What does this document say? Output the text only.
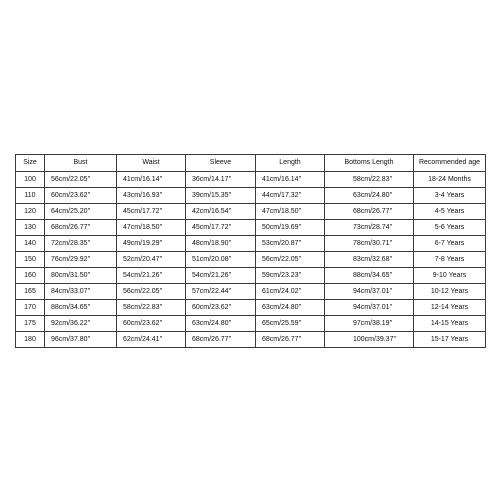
Size	Bust	Waist	Sleeve	Length	Bottoms Length	Recommended age
100	56cm/22.05''	41cm/16.14''	36cm/14.17''	41cm/16.14''	58cm/22.83''	18-24 Months
110	60cm/23.62''	43cm/16.93''	39cm/15.35''	44cm/17.32''	63cm/24.80''	3-4 Years
120	64cm/25.20''	45cm/17.72''	42cm/16.54''	47cm/18.50''	68cm/26.77''	4-5 Years
130	68cm/26.77''	47cm/18.50''	45cm/17.72''	50cm/19.69''	73cm/28.74''	5-6 Years
140	72cm/28.35''	49cm/19.29''	48cm/18.90''	53cm/20.87''	78cm/30.71''	6-7 Years
150	76cm/29.92''	52cm/20.47''	51cm/20.08''	56cm/22.05''	83cm/32.68''	7-8 Years
160	80cm/31.50''	54cm/21.26''	54cm/21.26''	59cm/23.23''	88cm/34.65''	9-10 Years
165	84cm/33.07''	56cm/22.05''	57cm/22.44''	61cm/24.02''	94cm/37.01''	10-12 Years
170	88cm/34.65''	58cm/22.83''	60cm/23.62''	63cm/24.80''	94cm/37.01''	12-14 Years
175	92cm/36.22''	60cm/23.62''	63cm/24.80''	65cm/25.59''	97cm/38.19''	14-15 Years
180	96cm/37.80''	62cm/24.41''	68cm/26.77''	68cm/26.77''	100cm/39.37''	15-17 Years
